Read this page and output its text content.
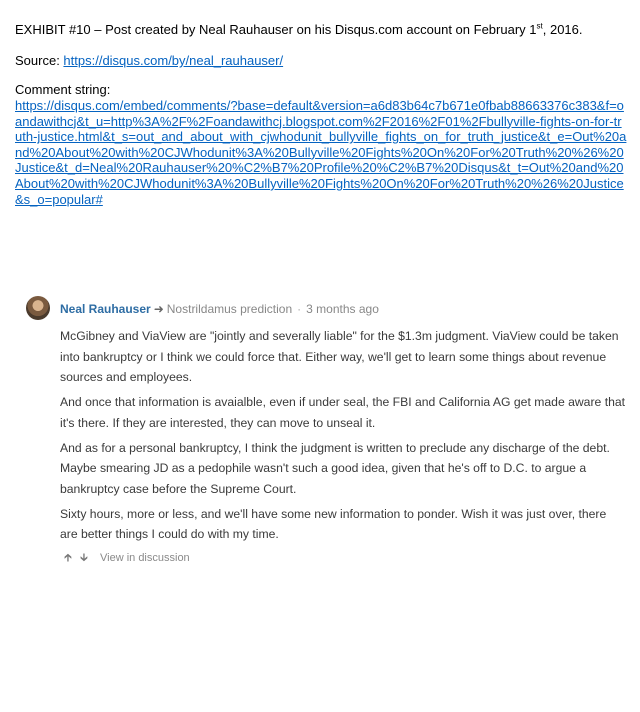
EXHIBIT #10 – Post created by Neal Rauhauser on his Disqus.com account on February 1st, 2016.
Source: https://disqus.com/by/neal_rauhauser/
Comment string:
https://disqus.com/embed/comments/?base=default&version=a6d83b64c7b671e0fbab88663376c383&f=oandawithcj&t_u=http%3A%2F%2Foandawithcj.blogspot.com%2F2016%2F01%2Fbullyville-fights-on-for-truth-justice.html&t_s=out_and_about_with_cjwhodunit_bullyville_fights_on_for_truth_justice&t_e=Out%20and%20About%20with%20CJWhodunit%3A%20Bullyville%20Fights%20On%20For%20Truth%20%26%20Justice&t_d=Neal%20Rauhauser%20%C2%B7%20Profile%20%C2%B7%20Disqus&t_t=Out%20and%20About%20with%20CJWhodunit%3A%20Bullyville%20Fights%20On%20For%20Truth%20%26%20Justice&s_o=popular#
Neal Rauhauser ➜ Nostrildamus prediction · 3 months ago

McGibney and ViaView are "jointly and severally liable" for the $1.3m judgment. ViaView could be taken into bankruptcy or I think we could force that. Either way, we'll get to learn some things about revenue sources and employees.

And once that information is avaialble, even if under seal, the FBI and California AG get made aware that it's there. If they are interested, they can move to unseal it.

And as for a personal bankruptcy, I think the judgment is written to preclude any discharge of the debt. Maybe smearing JD as a pedophile wasn't such a good idea, given that he's off to D.C. to argue a bankruptcy case before the Supreme Court.

Sixty hours, more or less, and we'll have some new information to ponder. Wish it was just over, there are better things I could do with my time.

🡱 🡳 View in discussion
